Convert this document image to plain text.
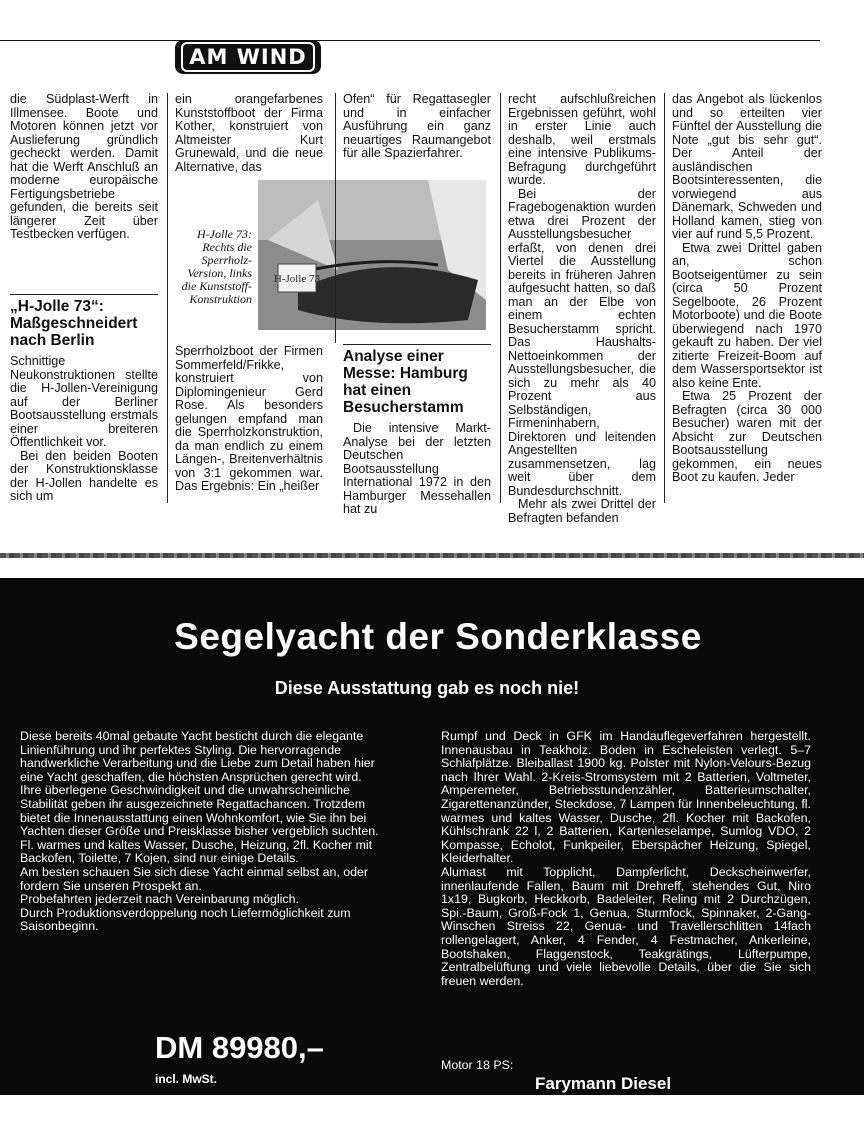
AM WIND

die Südplast-Werft in Illmensee. Boote und Motoren können jetzt vor Auslieferung gründlich gecheckt werden. Damit hat die Werft Anschluß an moderne europäische Fertigungsbetriebe gefunden, die bereits seit längerer Zeit über Testbecken verfügen.

„H-Jolle 73“: Maßgeschneidert nach Berlin

Schnittige Neukonstruktionen stellte die H-Jollen-Vereinigung auf der Berliner Bootsausstellung erstmals einer breiteren Öffentlichkeit vor.

Bei den beiden Booten der Konstruktionsklasse der H-Jollen handelte es sich um

ein orangefarbenes Kunststoffboot der Firma Kother, konstruiert von Altmeister Kurt Grunewald, und die neue Alternative, das

H-Jolle 73
H-Jolle 73: Rechts die Sperrholz-Version, links die Kunststoff-Konstruktion

Sperrholzboot der Firmen Sommerfeld/Frikke, konstruiert von Diplomingenieur Gerd Rose. Als besonders gelungen empfand man die Sperrholzkonstruktion, da man endlich zu einem Längen-, Breitenverhältnis von 3:1 gekommen war. Das Ergebnis: Ein „heißer

Ofen“ für Regattasegler und in einfacher Ausführung ein ganz neuartiges Raumangebot für alle Spazierfahrer.

Analyse einer Messe: Hamburg hat einen Besucherstamm

Die intensive Markt-Analyse bei der letzten Deutschen Bootsausstellung International 1972 in den Hamburger Messehallen hat zu

recht aufschlußreichen Ergebnissen geführt, wohl in erster Linie auch deshalb, weil erstmals eine intensive Publikums-Befragung durchgeführt wurde.

Bei der Fragebogenaktion wurden etwa drei Prozent der Ausstellungsbesucher erfaßt, von denen drei Viertel die Ausstellung bereits in früheren Jahren aufgesucht hatten, so daß man an der Elbe von einem echten Besucherstamm spricht. Das Haushalts-Nettoeinkommen der Ausstellungsbesucher, die sich zu mehr als 40 Prozent aus Selbständigen, Firmeninhabern, Direktoren und leitenden Angestellten zusammensetzen, lag weit über dem Bundesdurchschnitt.

Mehr als zwei Drittel der Befragten befanden

das Angebot als lückenlos und so erteilten vier Fünftel der Ausstellung die Note „gut bis sehr gut“. Der Anteil der ausländischen Bootsinteressenten, die vorwiegend aus Dänemark, Schweden und Holland kamen, stieg von vier auf rund 5,5 Prozent.

Etwa zwei Drittel gaben an, schon Bootseigentümer zu sein (circa 50 Prozent Segelboote, 26 Prozent Motorboote) und die Boote überwiegend nach 1970 gekauft zu haben. Der viel zitierte Freizeit-Boom auf dem Wassersportsektor ist also keine Ente.

Etwa 25 Prozent der Befragten (circa 30 000 Besucher) waren mit der Absicht zur Deutschen Bootsausstellung gekommen, ein neues Boot zu kaufen. Jeder

Segelyacht der Sonderklasse
Diese Ausstattung gab es noch nie!

Diese bereits 40mal gebaute Yacht besticht durch die elegante Linienführung und ihr perfektes Styling. Die hervorragende handwerkliche Verarbeitung und die Liebe zum Detail haben hier eine Yacht geschaffen, die höchsten Ansprüchen gerecht wird.

Ihre überlegene Geschwindigkeit und die unwahrscheinliche Stabilität geben ihr ausgezeichnete Regattachancen. Trotzdem bietet die Innenausstattung einen Wohnkomfort, wie Sie ihn bei Yachten dieser Größe und Preisklasse bisher vergeblich suchten. Fl. warmes und kaltes Wasser, Dusche, Heizung, 2fl. Kocher mit Backofen, Toilette, 7 Kojen, sind nur einige Details.

Am besten schauen Sie sich diese Yacht einmal selbst an, oder fordern Sie unseren Prospekt an.

Probefahrten jederzeit nach Vereinbarung möglich.

Durch Produktionsverdoppelung noch Liefermöglichkeit zum Saisonbeginn.

Rumpf und Deck in GFK im Handauflegeverfahren hergestellt. Innenausbau in Teakholz. Boden in Escheleisten verlegt. 5–7 Schlafplätze. Bleiballast 1900 kg. Polster mit Nylon-Velours-Bezug nach Ihrer Wahl. 2-Kreis-Stromsystem mit 2 Batterien, Voltmeter, Amperemeter, Betriebsstundenzähler, Batterieumschalter, Zigarettenanzünder, Steckdose, 7 Lampen für Innenbeleuchtung, fl. warmes und kaltes Wasser, Dusche, 2fl. Kocher mit Backofen, Kühlschrank 22 l, 2 Batterien, Kartenleselampe, Sumlog VDO, 2 Kompasse, Echolot, Funkpeiler, Eberspächer Heizung, Spiegel, Kleiderhalter.

Alumast mit Topplicht, Dampferlicht, Deckscheinwerfer, innenlaufende Fallen, Baum mit Drehreff, stehendes Gut, Niro 1x19, Bugkorb, Heckkorb, Badeleiter, Reling mit 2 Durchzügen, Spi.-Baum, Groß-Fock 1, Genua, Sturmfock, Spinnaker, 2-Gang-Winschen Streiss 22, Genua- und Travellerschlitten 14fach rollengelagert, Anker, 4 Fender, 4 Festmacher, Ankerleine, Bootshaken, Flaggenstock, Teakgrätings, Lüfterpumpe, Zentralbelüftung und viele liebevolle Details, über die Sie sich freuen werden.

DM 89980,–
incl. MwSt.
Motor 18 PS:
Farymann Diesel
